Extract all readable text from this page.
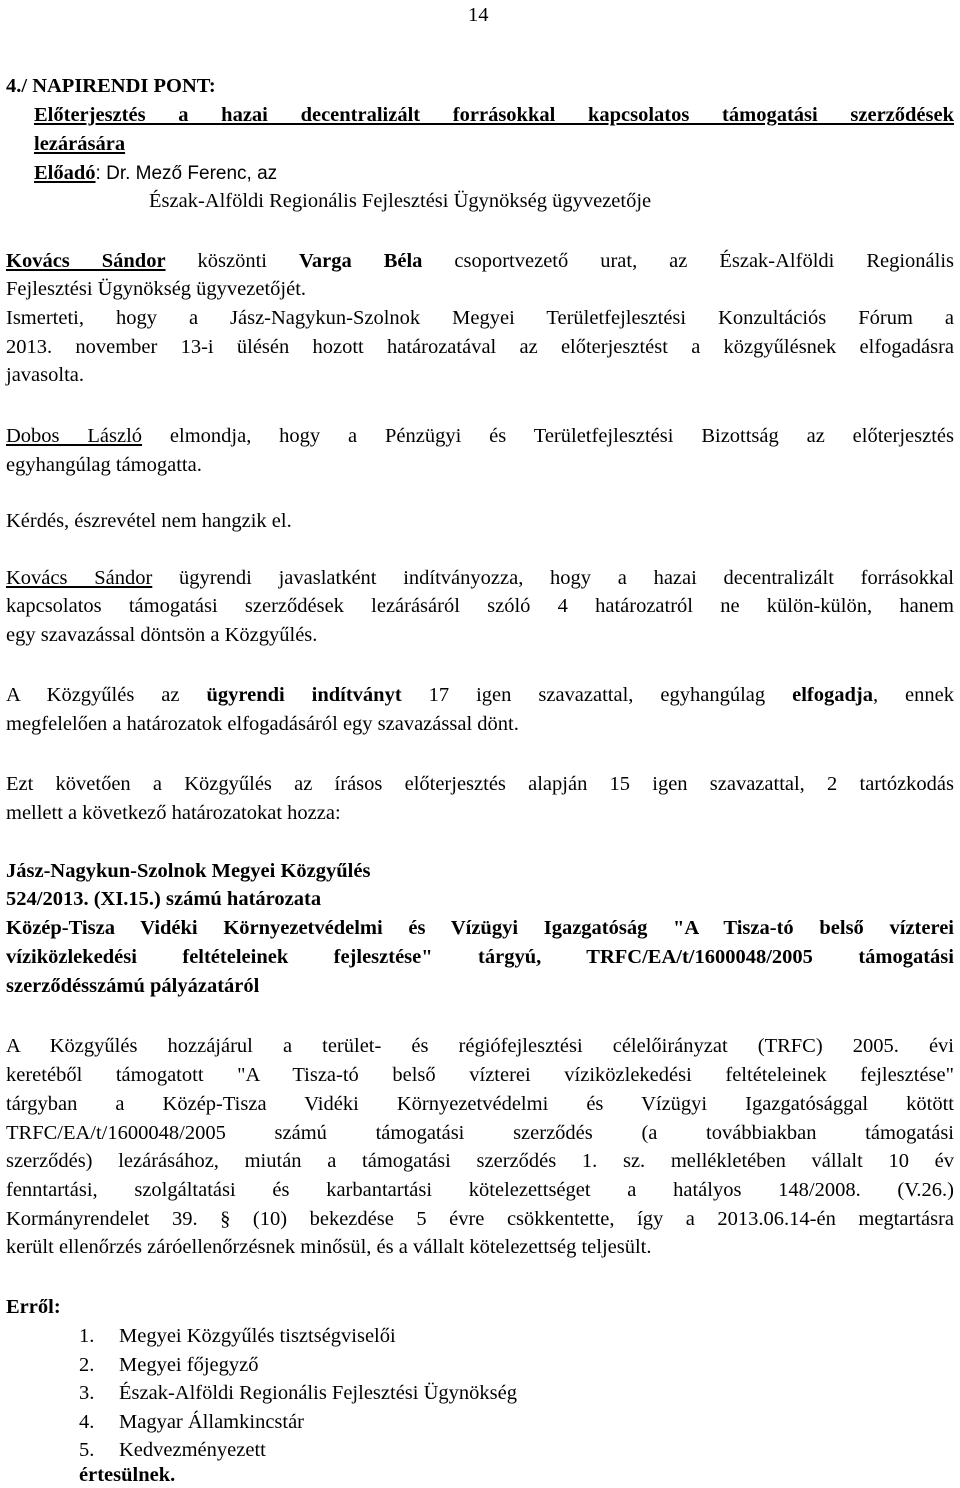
14
4./ NAPIRENDI PONT:
Előterjesztés a hazai decentralizált forrásokkal kapcsolatos támogatási szerződések
lezárására
Előadó: Dr. Mező Ferenc, az
Észak-Alföldi Regionális Fejlesztési Ügynökség ügyvezetője
Kovács Sándor köszönti Varga Béla csoportvezető urat, az Észak-Alföldi Regionális
Fejlesztési Ügynökség ügyvezetőjét.
Ismerteti, hogy a Jász-Nagykun-Szolnok Megyei Területfejlesztési Konzultációs Fórum a
2013. november 13-i ülésén hozott határozatával az előterjesztést a közgyűlésnek elfogadásra
javasolta.
Dobos László elmondja, hogy a Pénzügyi és Területfejlesztési Bizottság az előterjesztés
egyhangúlag támogatta.
Kérdés, észrevétel nem hangzik el.
Kovács Sándor ügyrendi javaslatként indítványozza, hogy a hazai decentralizált forrásokkal
kapcsolatos támogatási szerződések lezárásáról szóló 4 határozatról ne külön-külön, hanem
egy szavazással döntsön a Közgyűlés.
A Közgyűlés az ügyrendi indítványt 17 igen szavazattal, egyhangúlag elfogadja, ennek
megfelelően a határozatok elfogadásáról egy szavazással dönt.
Ezt követően a Közgyűlés az írásos előterjesztés alapján 15 igen szavazattal, 2 tartózkodás
mellett a következő határozatokat hozza:
Jász-Nagykun-Szolnok Megyei Közgyűlés
524/2013. (XI.15.) számú határozata
Közép-Tisza Vidéki Környezetvédelmi és Vízügyi Igazgatóság "A Tisza-tó belső vízterei
víziközlekedési feltételeinek fejlesztése" tárgyú, TRFC/EA/t/1600048/2005 támogatási
szerződésszámú pályázatáról
A Közgyűlés hozzájárul a terület- és régiófejlesztési célelőirányzat (TRFC) 2005. évi
keretéből támogatott "A Tisza-tó belső vízterei víziközlekedési feltételeinek fejlesztése"
tárgyban a Közép-Tisza Vidéki Környezetvédelmi és Vízügyi Igazgatósággal kötött
TRFC/EA/t/1600048/2005 számú támogatási szerződés (a továbbiakban támogatási
szerződés) lezárásához, miután a támogatási szerződés 1. sz. mellékletében vállalt 10 év
fenntartási, szolgáltatási és karbantartási kötelezettséget a hatályos 148/2008. (V.26.)
Kormányrendelet 39. § (10) bekezdése 5 évre csökkentette, így a 2013.06.14-én megtartásra
került ellenőrzés záróellenőrzésnek minősül, és a vállalt kötelezettség teljesült.
Erről:
1. Megyei Közgyűlés tisztségviselői
2. Megyei főjegyző
3. Észak-Alföldi Regionális Fejlesztési Ügynökség
4. Magyar Államkincstár
5. Kedvezményezett
értesülnek.
